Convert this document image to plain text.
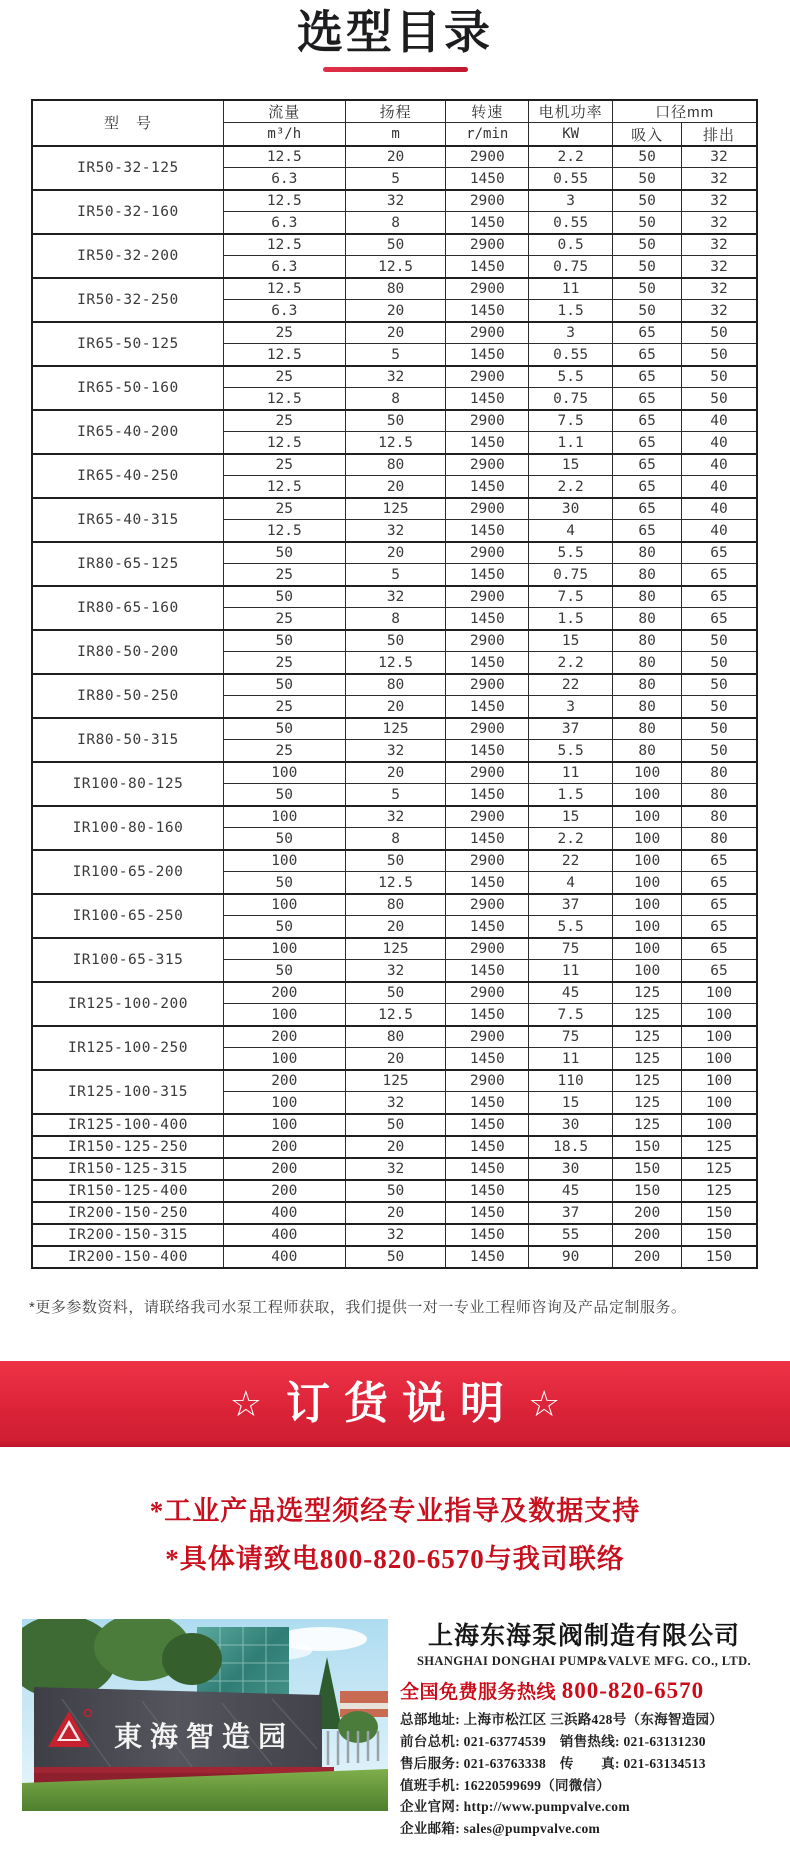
选型目录
型　号	流量	扬程	转速	电机功率	口径mm	
	m³/h	m	r/min	KW	吸入	排出
IR50-32-125	12.5	20	2900	2.2	50	32
	6.3	5	1450	0.55	50	32
IR50-32-160	12.5	32	2900	3	50	32
	6.3	8	1450	0.55	50	32
IR50-32-200	12.5	50	2900	0.5	50	32
	6.3	12.5	1450	0.75	50	32
IR50-32-250	12.5	80	2900	11	50	32
	6.3	20	1450	1.5	50	32
IR65-50-125	25	20	2900	3	65	50
	12.5	5	1450	0.55	65	50
IR65-50-160	25	32	2900	5.5	65	50
	12.5	8	1450	0.75	65	50
IR65-40-200	25	50	2900	7.5	65	40
	12.5	12.5	1450	1.1	65	40
IR65-40-250	25	80	2900	15	65	40
	12.5	20	1450	2.2	65	40
IR65-40-315	25	125	2900	30	65	40
	12.5	32	1450	4	65	40
IR80-65-125	50	20	2900	5.5	80	65
	25	5	1450	0.75	80	65
IR80-65-160	50	32	2900	7.5	80	65
	25	8	1450	1.5	80	65
IR80-50-200	50	50	2900	15	80	50
	25	12.5	1450	2.2	80	50
IR80-50-250	50	80	2900	22	80	50
	25	20	1450	3	80	50
IR80-50-315	50	125	2900	37	80	50
	25	32	1450	5.5	80	50
IR100-80-125	100	20	2900	11	100	80
	50	5	1450	1.5	100	80
IR100-80-160	100	32	2900	15	100	80
	50	8	1450	2.2	100	80
IR100-65-200	100	50	2900	22	100	65
	50	12.5	1450	4	100	65
IR100-65-250	100	80	2900	37	100	65
	50	20	1450	5.5	100	65
IR100-65-315	100	125	2900	75	100	65
	50	32	1450	11	100	65
IR125-100-200	200	50	2900	45	125	100
	100	12.5	1450	7.5	125	100
IR125-100-250	200	80	2900	75	125	100
	100	20	1450	11	125	100
IR125-100-315	200	125	2900	110	125	100
	100	32	1450	15	125	100
IR125-100-400	100	50	1450	30	125	100
IR150-125-250	200	20	1450	18.5	150	125
IR150-125-315	200	32	1450	30	150	125
IR150-125-400	200	50	1450	45	150	125
IR200-150-250	400	20	1450	37	200	150
IR200-150-315	400	32	1450	55	200	150
IR200-150-400	400	50	1450	90	200	150

*更多参数资料，请联络我司水泵工程师获取，我们提供一对一专业工程师咨询及产品定制服务。

☆ 订货说明 ☆
*工业产品选型须经专业指导及数据支持
*具体请致电800-820-6570与我司联络
東海智造园
上海东海泵阀制造有限公司
SHANGHAI DONGHAI PUMP&VALVE MFG. CO., LTD.
全国免费服务热线 800-820-6570
总部地址: 上海市松江区 三浜路428号（东海智造园）
前台总机: 021-63774539　销售热线: 021-63131230
售后服务: 021-63763338　传　　真: 021-63134513
值班手机: 16220599699（同微信）
企业官网: http://www.pumpvalve.com
企业邮箱: sales@pumpvalve.com
